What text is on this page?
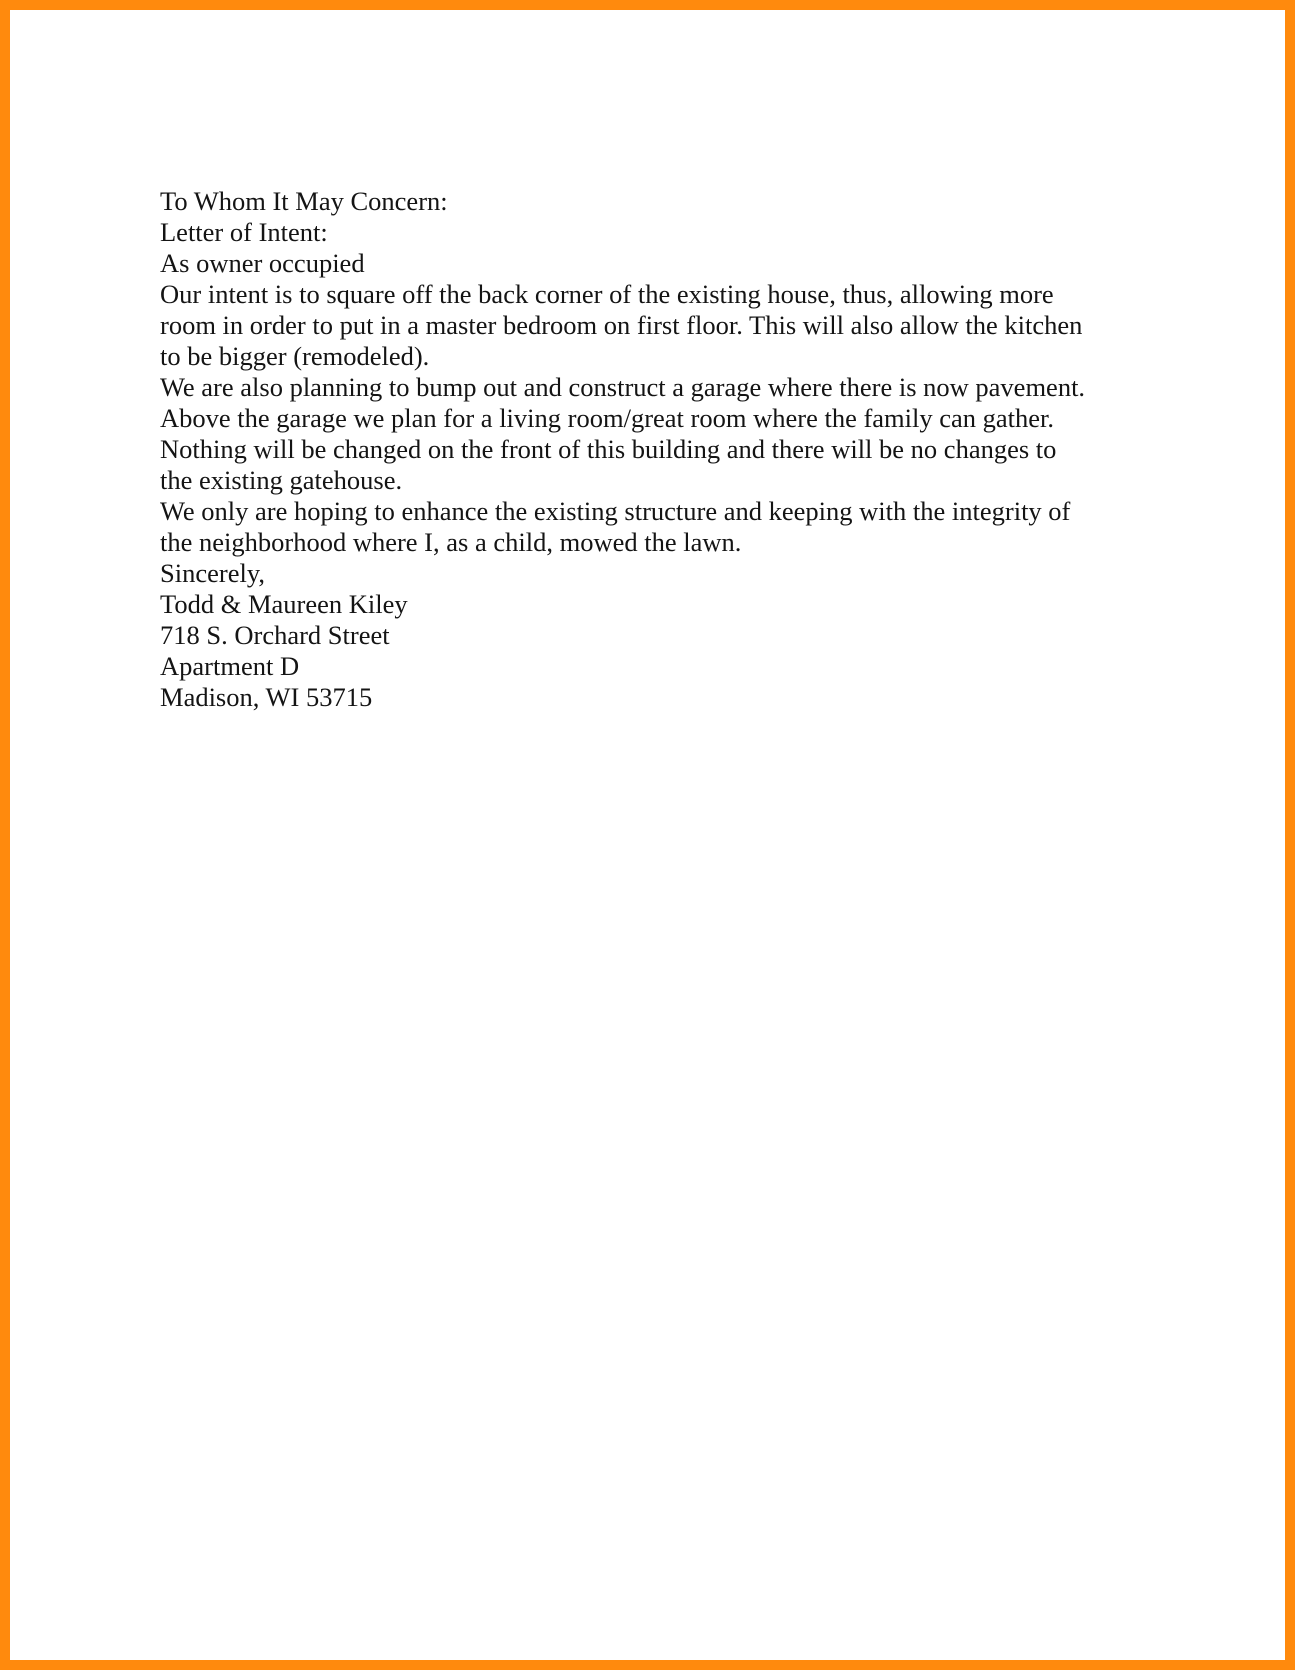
To Whom It May Concern:

Letter of Intent:

As owner occupied

Our intent is to square off the back corner of the existing house, thus, allowing more room in order to put in a master bedroom on first floor. This will also allow the kitchen to be bigger (remodeled).

We are also planning to bump out and construct a garage where there is now pavement. Above the garage we plan for a living room/great room where the family can gather.

Nothing will be changed on the front of this building and there will be no changes to the existing gatehouse.

We only are hoping to enhance the existing structure and keeping with the integrity of the neighborhood where I, as a child, mowed the lawn.

Sincerely,

Todd & Maureen Kiley
718 S. Orchard Street
Apartment D
Madison, WI 53715
